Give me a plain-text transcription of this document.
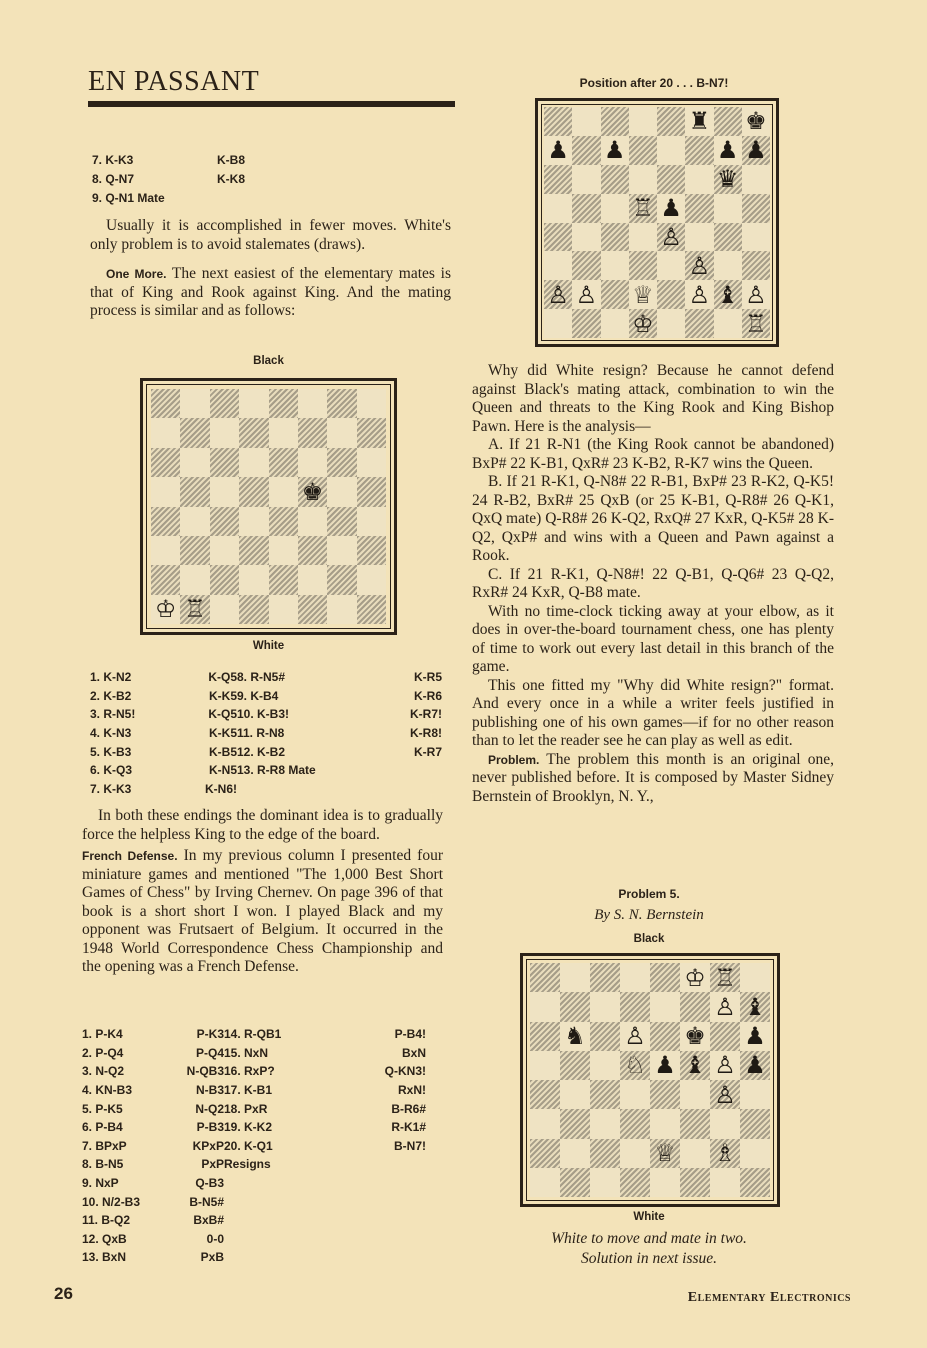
EN PASSANT
7. K-K3	K-B8
8. Q-N7	K-K8
9. Q-N1 Mate

Usually it is accomplished in fewer moves. White's only problem is to avoid stalemates (draws).

One More. The next easiest of the elementary mates is that of King and Rook against King. And the mating process is similar and as follows:

Black
♚
♔ ♖
White
1. K-N2	K-Q5	8. R-N5#	K-R5
2. K-B2	K-K5	9. K-B4	K-R6
3. R-N5!	K-Q5	10. K-B3!	K-R7!
4. K-N3	K-K5	11. R-N8	K-R8!
5. K-B3	K-B5	12. K-B2	K-R7
6. K-Q3	K-N5	13. R-R8 Mate	
7. K-K3	K-N6!		

In both these endings the dominant idea is to gradually force the helpless King to the edge of the board.

French Defense. In my previous column I presented four miniature games and mentioned "The 1,000 Best Short Games of Chess" by Irving Chernev. On page 396 of that book is a short short I won. I played Black and my opponent was Frutsaert of Belgium. It occurred in the 1948 World Correspondence Chess Championship and the opening was a French Defense.

1. P-K4	P-K3	14. R-QB1	P-B4!
2. P-Q4	P-Q4	15. NxN	BxN
3. N-Q2	N-QB3	16. RxP?	Q-KN3!
4. KN-B3	N-B3	17. K-B1	RxN!
5. P-K5	N-Q2	18. PxR	B-R6#
6. P-B4	P-B3	19. K-K2	R-K1#
7. BPxP	KPxP	20. K-Q1	B-N7!
8. B-N5	PxP	Resigns	
9. NxP	Q-B3		
10. N/2-B3	B-N5#		
11. B-Q2	BxB#		
12. QxB	0-0		
13. BxN	PxB		
Position after 20 . . . B-N7!
♜ ♚
♟ ♟	♟ ♟
♛
♖ ♟
♙
♙
♙ ♙ ♕ ♙ ♝ ♙
♔	♖

Why did White resign? Because he cannot defend against Black's mating attack, combination to win the Queen and threats to the King Rook and King Bishop Pawn. Here is the analysis—

A. If 21 R-N1 (the King Rook cannot be abandoned) BxP# 22 K-B1, QxR# 23 K-B2, R-K7 wins the Queen.

B. If 21 R-K1, Q-N8# 22 R-B1, BxP# 23 R-K2, Q-K5! 24 R-B2, BxR# 25 QxB (or 25 K-B1, Q-R8# 26 Q-K1, QxQ mate) Q-R8# 26 K-Q2, RxQ# 27 KxR, Q-K5# 28 K-Q2, QxP# and wins with a Queen and Pawn against a Rook.

C. If 21 R-K1, Q-N8#! 22 Q-B1, Q-Q6# 23 Q-Q2, RxR# 24 KxR, Q-B8 mate.

With no time-clock ticking away at your elbow, as it does in over-the-board tournament chess, one has plenty of time to work out every last detail in this branch of the game.

This one fitted my "Why did White resign?" format. And every once in a while a writer feels justified in publishing one of his own games—if for no other reason than to let the reader see he can play as well as edit.

Problem. The problem this month is an original one, never published before. It is composed by Master Sidney Bernstein of Brooklyn, N. Y.,

Problem 5.
By S. N. Bernstein
Black
♔ ♖
♙ ♝
♞ ♙ ♚ ♟
♘ ♟ ♝ ♙ ♟
♙
♕ ♗
White
White to move and mate in two.
Solution in next issue.
26	Elementary Electronics
